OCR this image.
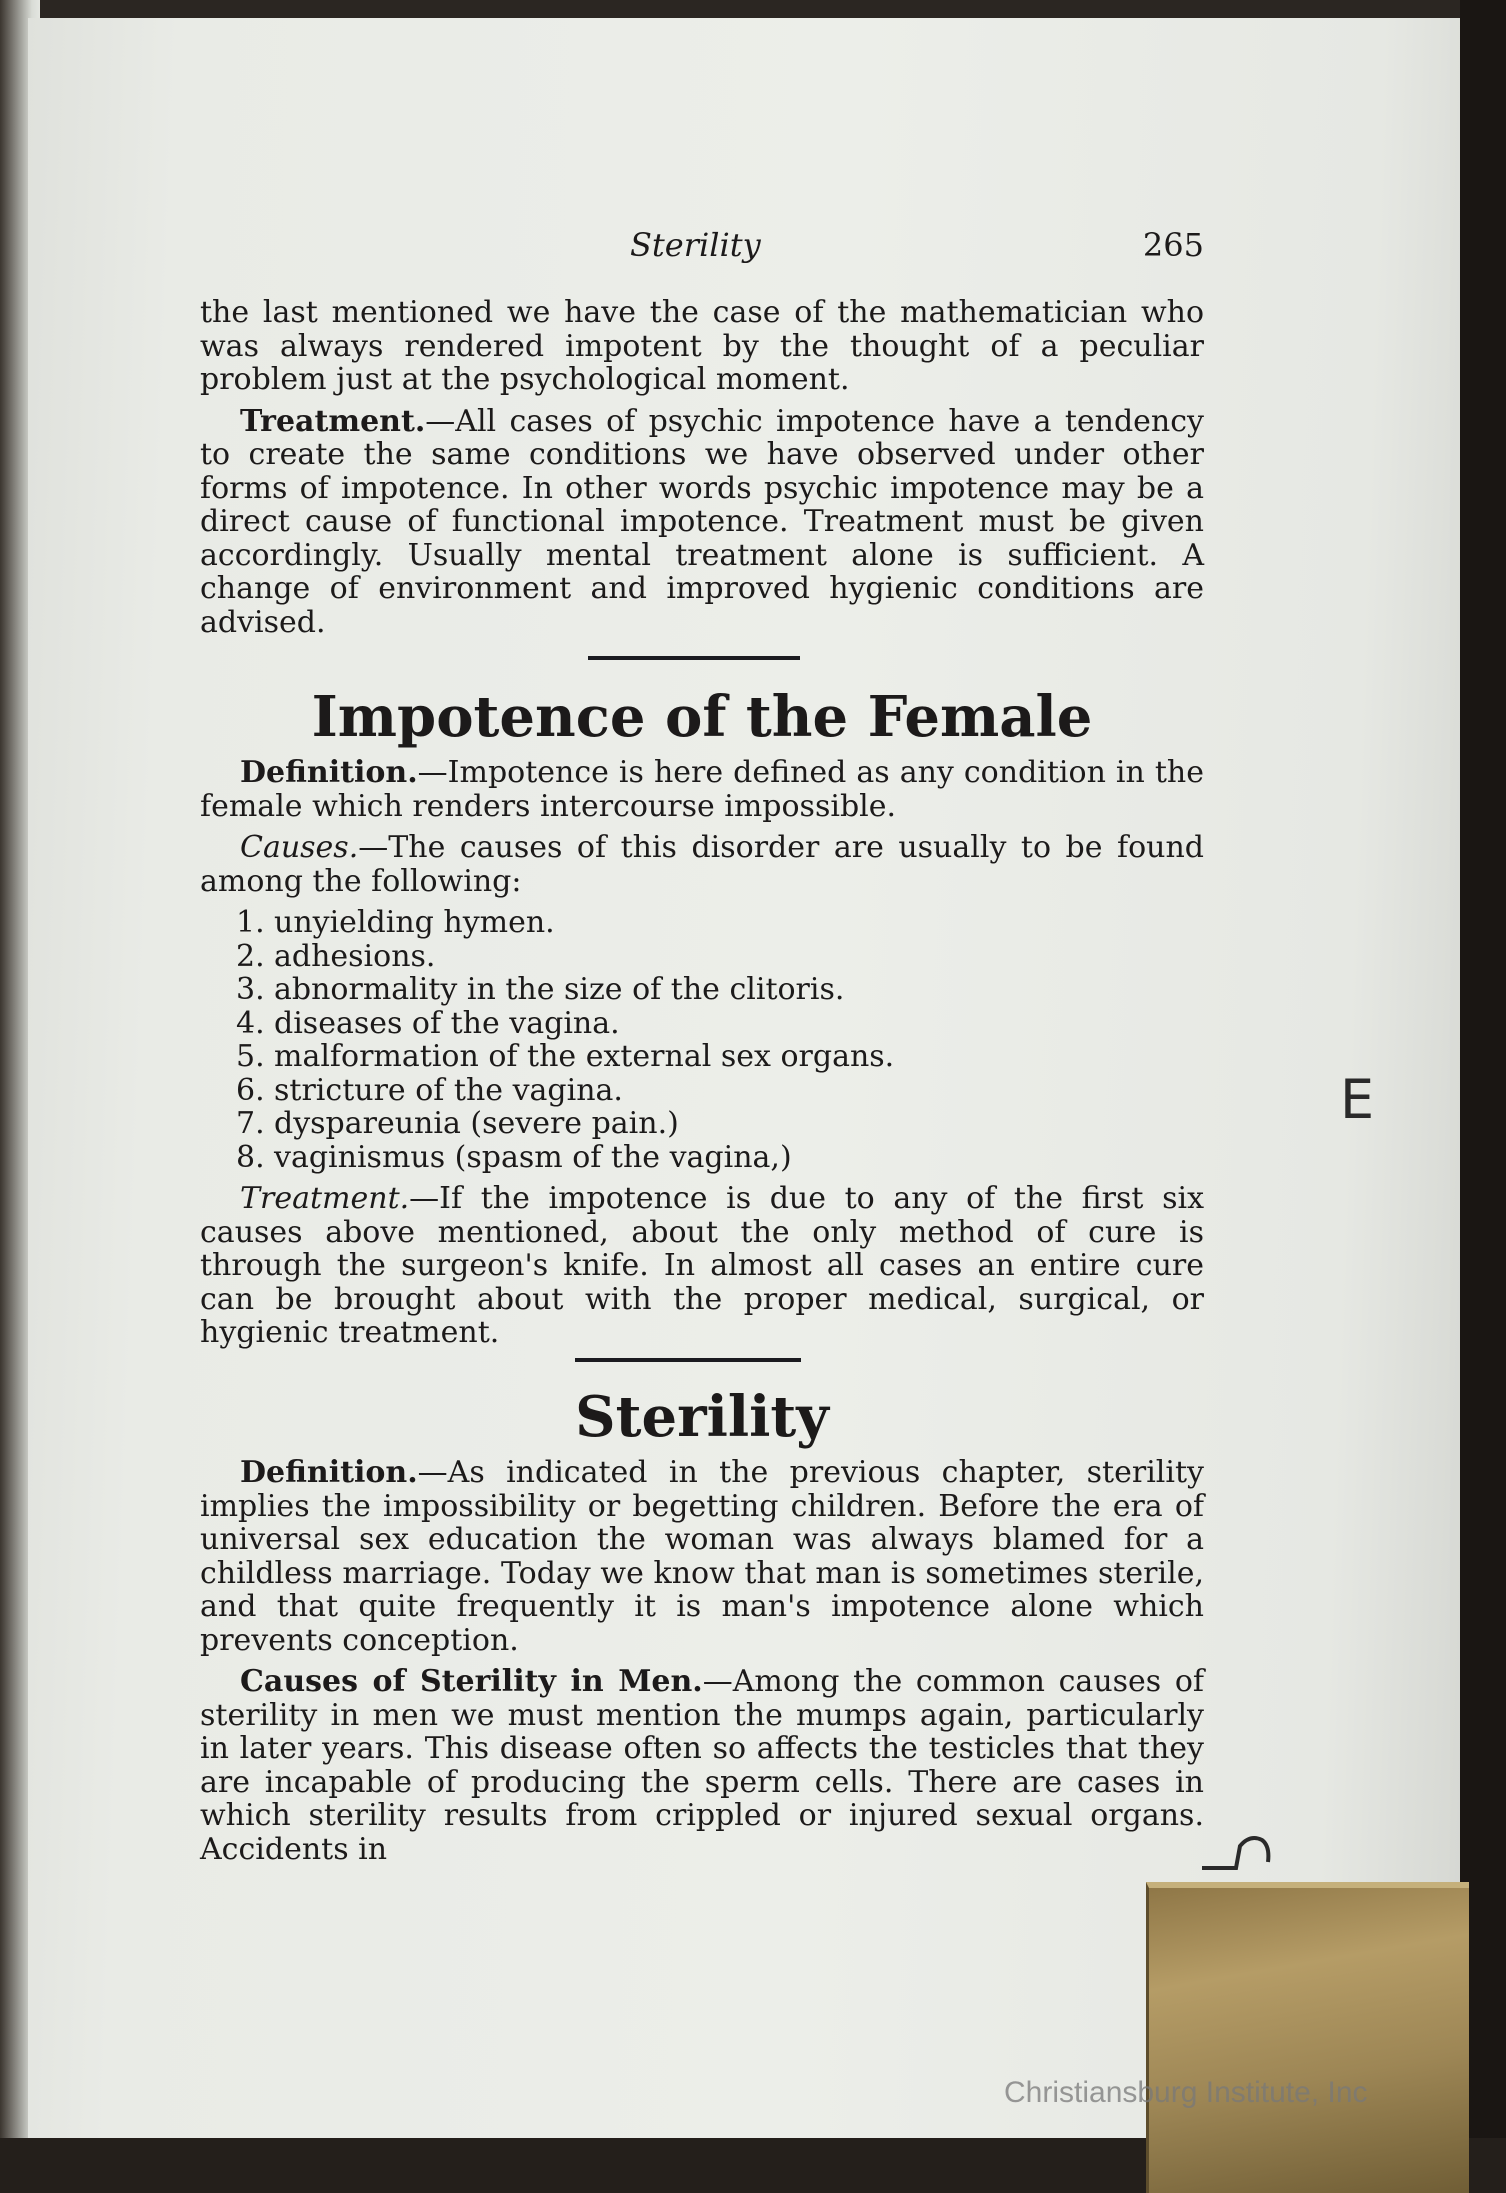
Sterility	265

the last mentioned we have the case of the mathematician who was always rendered impotent by the thought of a peculiar problem just at the psychological moment.

Treatment.—All cases of psychic impotence have a tendency to create the same conditions we have observed under other forms of impotence. In other words psychic impotence may be a direct cause of functional impotence. Treatment must be given accordingly. Usually mental treatment alone is sufficient. A change of environment and improved hygienic conditions are advised.

Impotence of the Female

Definition.—Impotence is here defined as any condition in the female which renders intercourse impossible.

Causes.—The causes of this disorder are usually to be found among the following:

1. unyielding hymen.
2. adhesions.
3. abnormality in the size of the clitoris.
4. diseases of the vagina.
5. malformation of the external sex organs.
6. stricture of the vagina.
7. dyspareunia (severe pain.)
8. vaginismus (spasm of the vagina,)

Treatment.—If the impotence is due to any of the first six causes above mentioned, about the only method of cure is through the surgeon's knife. In almost all cases an entire cure can be brought about with the proper medical, surgical, or hygienic treatment.

Sterility

Definition.—As indicated in the previous chapter, sterility implies the impossibility or begetting children. Before the era of universal sex education the woman was always blamed for a childless marriage. Today we know that man is sometimes sterile, and that quite frequently it is man's impotence alone which prevents conception.

Causes of Sterility in Men.—Among the common causes of sterility in men we must mention the mumps again, particularly in later years. This disease often so affects the testicles that they are incapable of producing the sperm cells. There are cases in which sterility results from crippled or injured sexual organs. Accidents in

E
Christiansburg Institute, Inc
